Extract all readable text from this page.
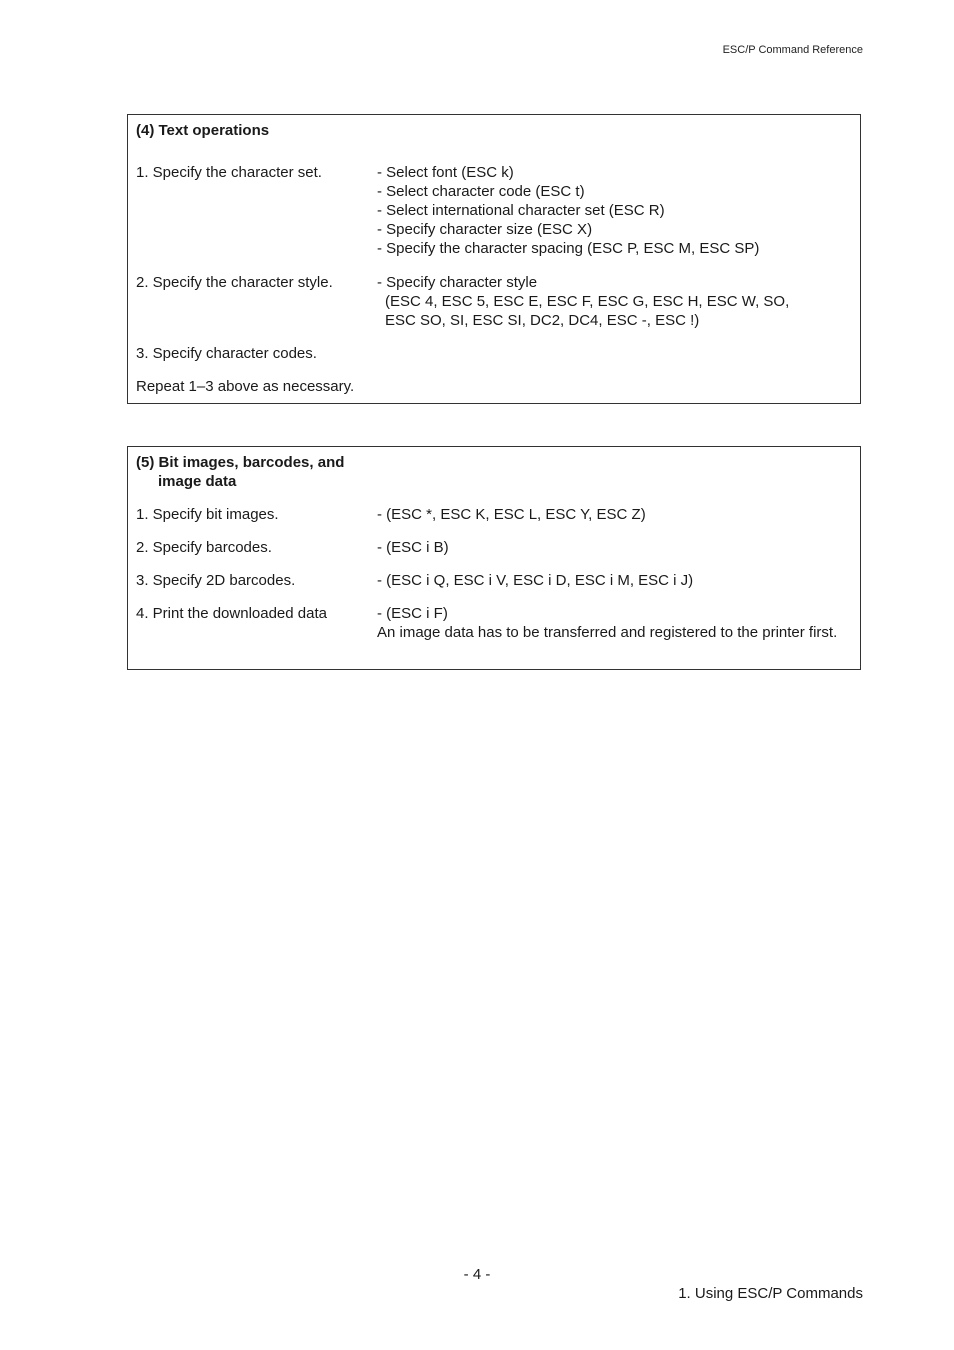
ESC/P Command Reference
(4) Text operations
1. Specify the character set.	- Select font (ESC k)
- Select character code (ESC t)
- Select international character set (ESC R)
- Specify character size (ESC X)
- Specify the character spacing (ESC P, ESC M, ESC SP)
2. Specify the character style.	- Specify character style
(ESC 4, ESC 5, ESC E, ESC F, ESC G, ESC H, ESC W, SO,
ESC SO, SI, ESC SI, DC2, DC4, ESC -, ESC !)
3. Specify character codes.
Repeat 1–3 above as necessary.
(5) Bit images, barcodes, and
image data
1. Specify bit images.	- (ESC *, ESC K, ESC L, ESC Y, ESC Z)
2. Specify barcodes.	- (ESC i B)
3. Specify 2D barcodes.	- (ESC i Q, ESC i V, ESC i D, ESC i M, ESC i J)
4. Print the downloaded data	- (ESC i F)
An image data has to be transferred and registered to the printer first.
- 4 -
1. Using ESC/P Commands
